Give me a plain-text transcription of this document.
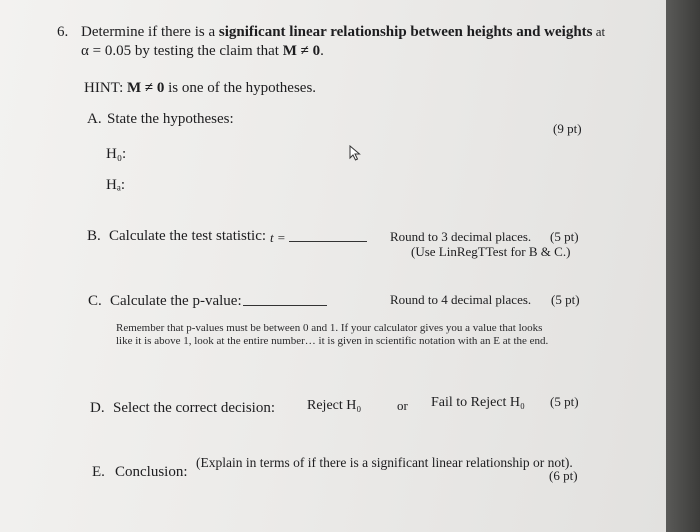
6. Determine if there is a significant linear relationship between heights and weights at
α = 0.05 by testing the claim that M ≠ 0.
HINT: M ≠ 0 is one of the hypotheses.
A. State the hypotheses:
(9 pt)
H₀:
Hₐ:
B. Calculate the test statistic: t =	Round to 3 decimal places. (5 pt)
(Use LinRegTTest for B & C.)
C. Calculate the p-value:	Round to 4 decimal places. (5 pt)
Remember that p-values must be between 0 and 1. If your calculator gives you a value that looks
like it is above 1, look at the entire number… it is given in scientific notation with an E at the end.
D. Select the correct decision: Reject H₀	or Fail to Reject H₀ (5 pt)
E. Conclusion:
(Explain in terms of if there is a significant linear relationship or not).
(6 pt)
